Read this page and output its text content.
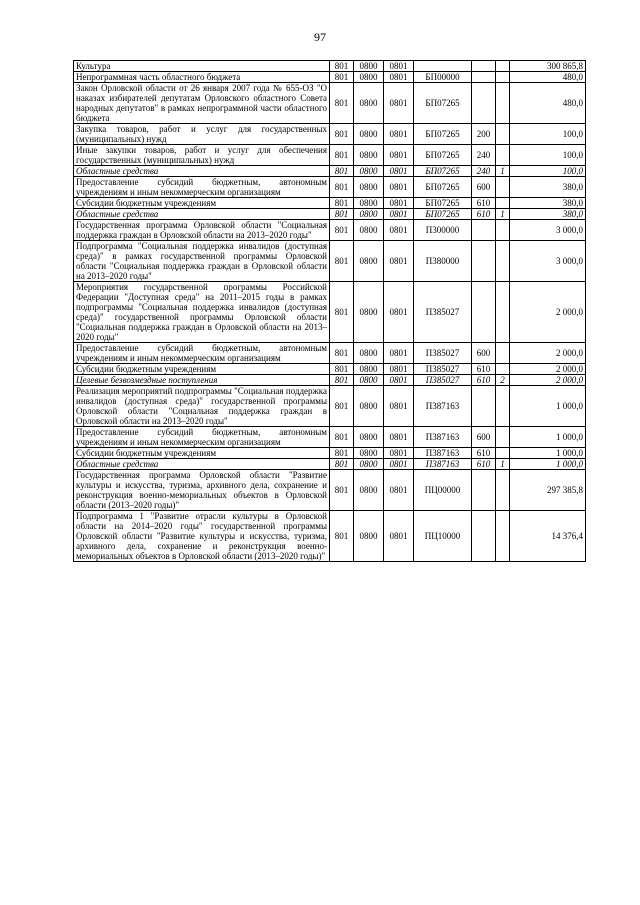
97
Культура	801	0800	0801				300 865,8
Непрограммная часть областного бюджета	801	0800	0801	БП00000			480,0
Закон Орловской области от 26 января 2007 года № 655-ОЗ "О наказах избирателей депутатам Орловского областного Совета народных депутатов" в рамках непрограммной части областного бюджета	801	0800	0801	БП07265			480,0
Закупка товаров, работ и услуг для государственных (муниципальных) нужд	801	0800	0801	БП07265	200		100,0
Иные закупки товаров, работ и услуг для обеспечения государственных (муниципальных) нужд	801	0800	0801	БП07265	240		100,0
Областные средства	801	0800	0801	БП07265	240	1	100,0
Предоставление субсидий бюджетным, автономным учреждениям и иным некоммерческим организациям	801	0800	0801	БП07265	600		380,0
Субсидии бюджетным учреждениям	801	0800	0801	БП07265	610		380,0
Областные средства	801	0800	0801	БП07265	610	1	380,0
Государственная программа Орловской области "Социальная поддержка граждан в Орловской области на 2013–2020 годы"	801	0800	0801	П300000			3 000,0
Подпрограмма "Социальная поддержка инвалидов (доступная среда)" в рамках государственной программы Орловской области "Социальная поддержка граждан в Орловской области на 2013–2020 годы"	801	0800	0801	П380000			3 000,0
Мероприятия государственной программы Российской Федерации "Доступная среда" на 2011–2015 годы в рамках подпрограммы "Социальная поддержка инвалидов (доступная среда)" государственной программы Орловской области "Социальная поддержка граждан в Орловской области на 2013–2020 годы"	801	0800	0801	П385027			2 000,0
Предоставление субсидий бюджетным, автономным учреждениям и иным некоммерческим организациям	801	0800	0801	П385027	600		2 000,0
Субсидии бюджетным учреждениям	801	0800	0801	П385027	610		2 000,0
Целевые безвозмездные поступления	801	0800	0801	П385027	610	2	2 000,0
Реализация мероприятий подпрограммы "Социальная поддержка инвалидов (доступная среда)" государственной программы Орловской области "Социальная поддержка граждан в Орловской области на 2013–2020 годы"	801	0800	0801	П387163			1 000,0
Предоставление субсидий бюджетным, автономным учреждениям и иным некоммерческим организациям	801	0800	0801	П387163	600		1 000,0
Субсидии бюджетным учреждениям	801	0800	0801	П387163	610		1 000,0
Областные средства	801	0800	0801	П387163	610	1	1 000,0
Государственная программа Орловской области "Развитие культуры и искусства, туризма, архивного дела, сохранение и реконструкция военно-мемориальных объектов в Орловской области (2013–2020 годы)"	801	0800	0801	ПЦ00000			297 385,8
Подпрограмма 1 "Развитие отрасли культуры в Орловской области на 2014–2020 годы" государственной программы Орловской области "Развитие культуры и искусства, туризма, архивного дела, сохранение и реконструкция военно-мемориальных объектов в Орловской области (2013–2020 годы)"	801	0800	0801	ПЦ10000			14 376,4
